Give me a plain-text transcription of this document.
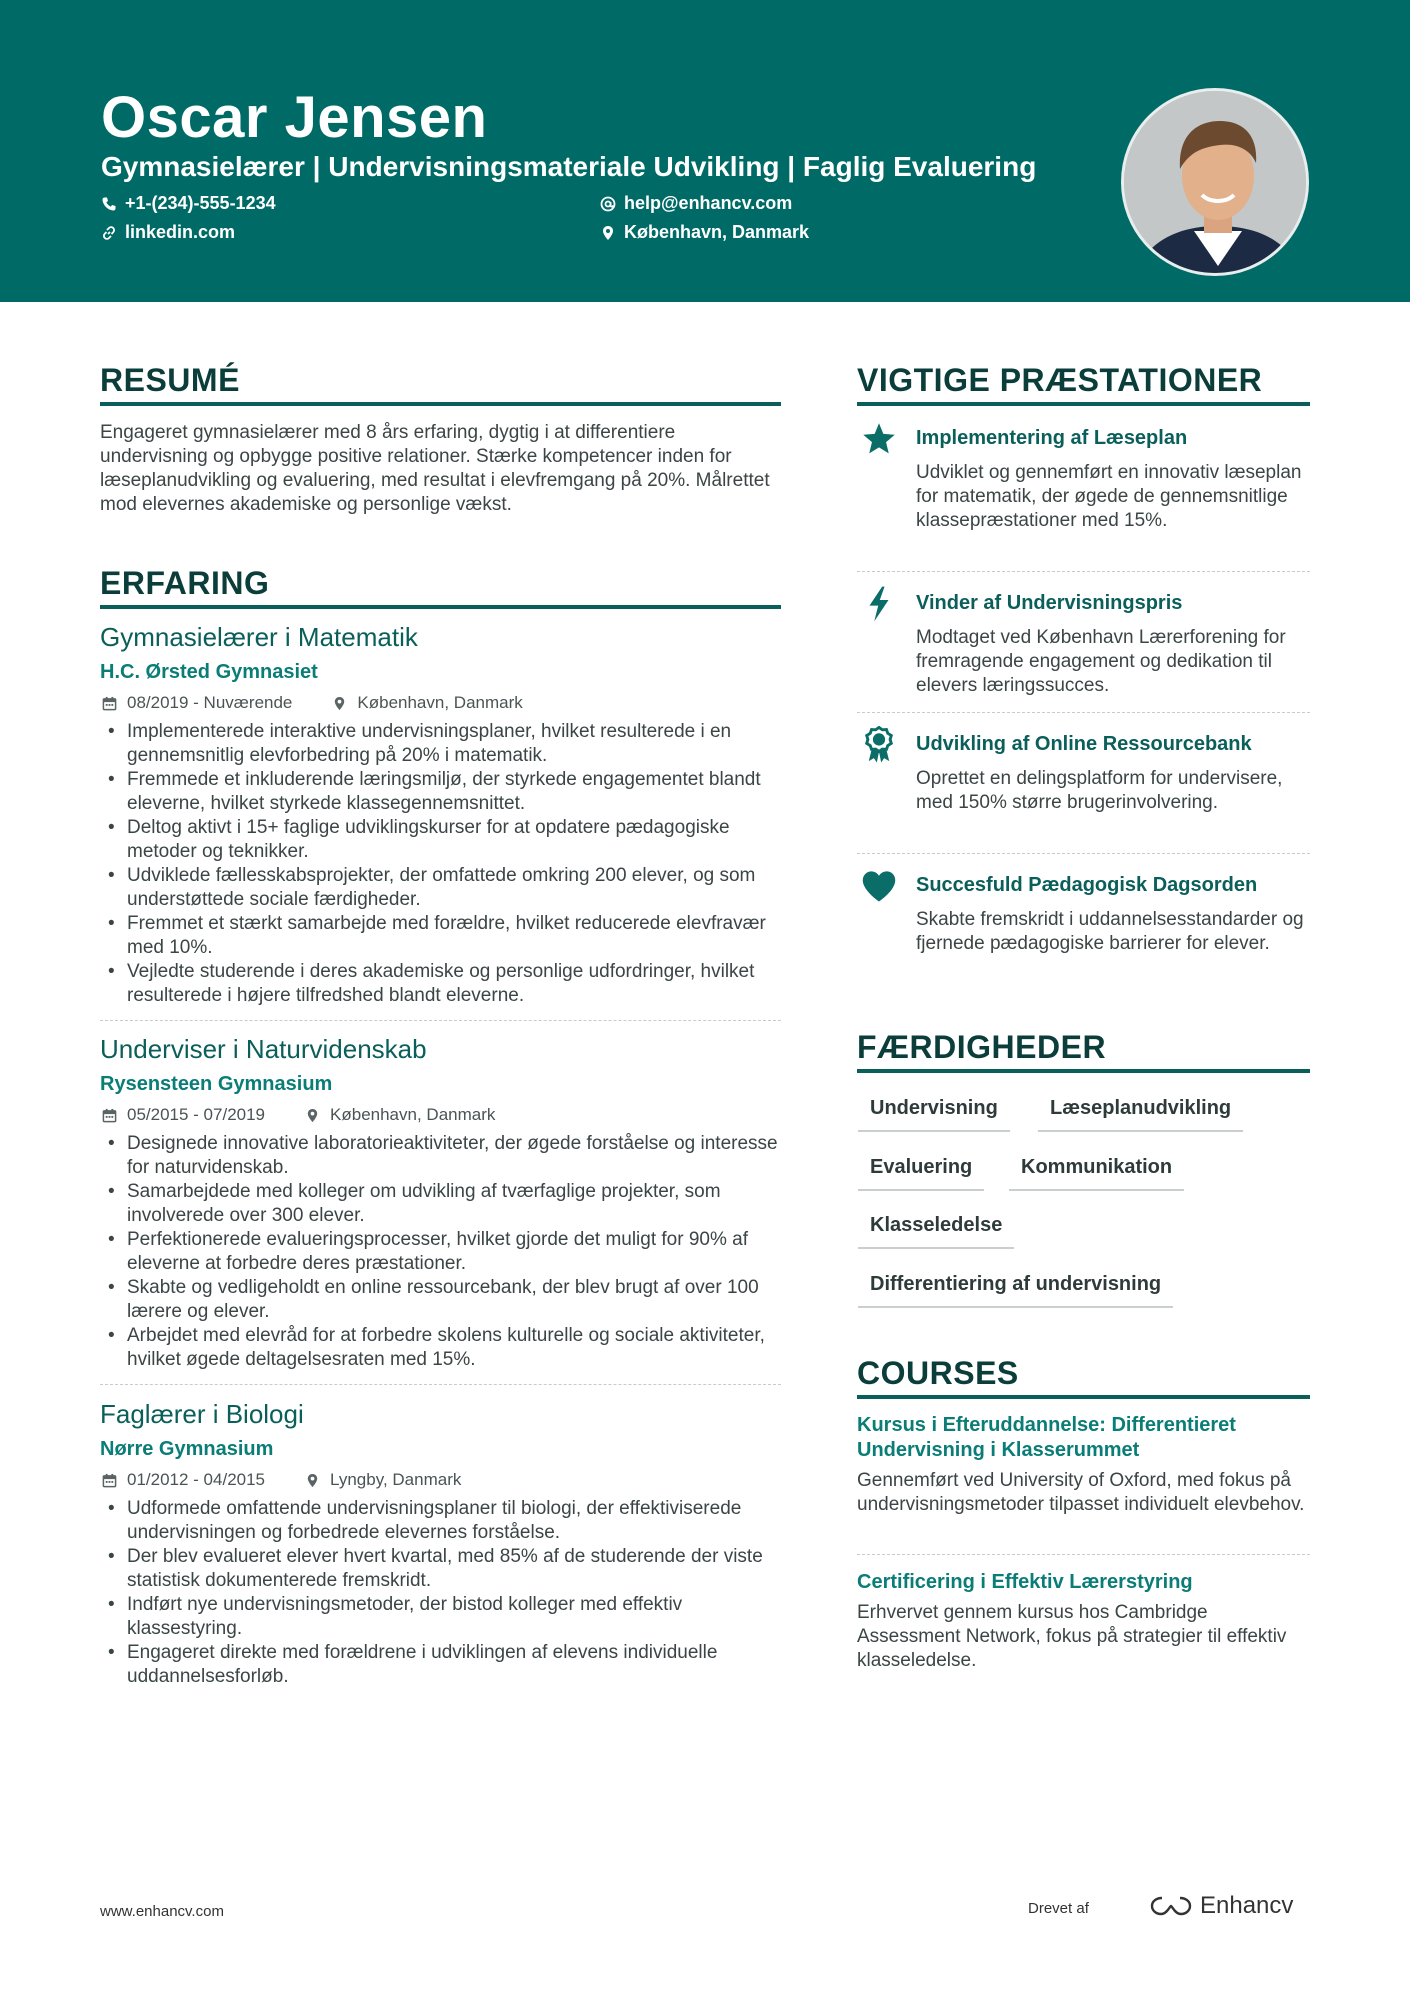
Oscar Jensen
Gymnasielærer | Undervisningsmateriale Udvikling | Faglig Evaluering
+1-(234)-555-1234	help@enhancv.com
linkedin.com	København, Danmark
RESUMÉ
Engageret gymnasielærer med 8 års erfaring, dygtig i at differentiere undervisning og opbygge positive relationer. Stærke kompetencer inden for læseplanudvikling og evaluering, med resultat i elevfremgang på 20%. Målrettet mod elevernes akademiske og personlige vækst.
ERFARING
Gymnasielærer i Matematik
H.C. Ørsted Gymnasiet
08/2019 - Nuværende	København, Danmark
• Implementerede interaktive undervisningsplaner, hvilket resulterede i en gennemsnitlig elevforbedring på 20% i matematik.
• Fremmede et inkluderende læringsmiljø, der styrkede engagementet blandt eleverne, hvilket styrkede klassegennemsnittet.
• Deltog aktivt i 15+ faglige udviklingskurser for at opdatere pædagogiske metoder og teknikker.
• Udviklede fællesskabsprojekter, der omfattede omkring 200 elever, og som understøttede sociale færdigheder.
• Fremmet et stærkt samarbejde med forældre, hvilket reducerede elevfravær med 10%.
• Vejledte studerende i deres akademiske og personlige udfordringer, hvilket resulterede i højere tilfredshed blandt eleverne.
Underviser i Naturvidenskab
Rysensteen Gymnasium
05/2015 - 07/2019	København, Danmark
• Designede innovative laboratorieaktiviteter, der øgede forståelse og interesse for naturvidenskab.
• Samarbejdede med kolleger om udvikling af tværfaglige projekter, som involverede over 300 elever.
• Perfektionerede evalueringsprocesser, hvilket gjorde det muligt for 90% af eleverne at forbedre deres præstationer.
• Skabte og vedligeholdt en online ressourcebank, der blev brugt af over 100 lærere og elever.
• Arbejdet med elevråd for at forbedre skolens kulturelle og sociale aktiviteter, hvilket øgede deltagelsesraten med 15%.
Faglærer i Biologi
Nørre Gymnasium
01/2012 - 04/2015	Lyngby, Danmark
• Udformede omfattende undervisningsplaner til biologi, der effektiviserede undervisningen og forbedrede elevernes forståelse.
• Der blev evalueret elever hvert kvartal, med 85% af de studerende der viste statistisk dokumenterede fremskridt.
• Indført nye undervisningsmetoder, der bistod kolleger med effektiv klassestyring.
• Engageret direkte med forældrene i udviklingen af elevens individuelle uddannelsesforløb.
VIGTIGE PRÆSTATIONER
Implementering af Læseplan
Udviklet og gennemført en innovativ læseplan for matematik, der øgede de gennemsnitlige klassepræstationer med 15%.
Vinder af Undervisningspris
Modtaget ved København Lærerforening for fremragende engagement og dedikation til elevers læringssucces.
Udvikling af Online Ressourcebank
Oprettet en delingsplatform for undervisere, med 150% større brugerinvolvering.
Succesfuld Pædagogisk Dagsorden
Skabte fremskridt i uddannelsesstandarder og fjernede pædagogiske barrierer for elever.
FÆRDIGHEDER
Undervisning	Læseplanudvikling
Evaluering	Kommunikation
Klasseledelse
Differentiering af undervisning
COURSES
Kursus i Efteruddannelse: Differentieret Undervisning i Klasserummet
Gennemført ved University of Oxford, med fokus på undervisningsmetoder tilpasset individuelt elevbehov.
Certificering i Effektiv Lærerstyring
Erhvervet gennem kursus hos Cambridge Assessment Network, fokus på strategier til effektiv klasseledelse.
www.enhancv.com	Drevet af	Enhancv
